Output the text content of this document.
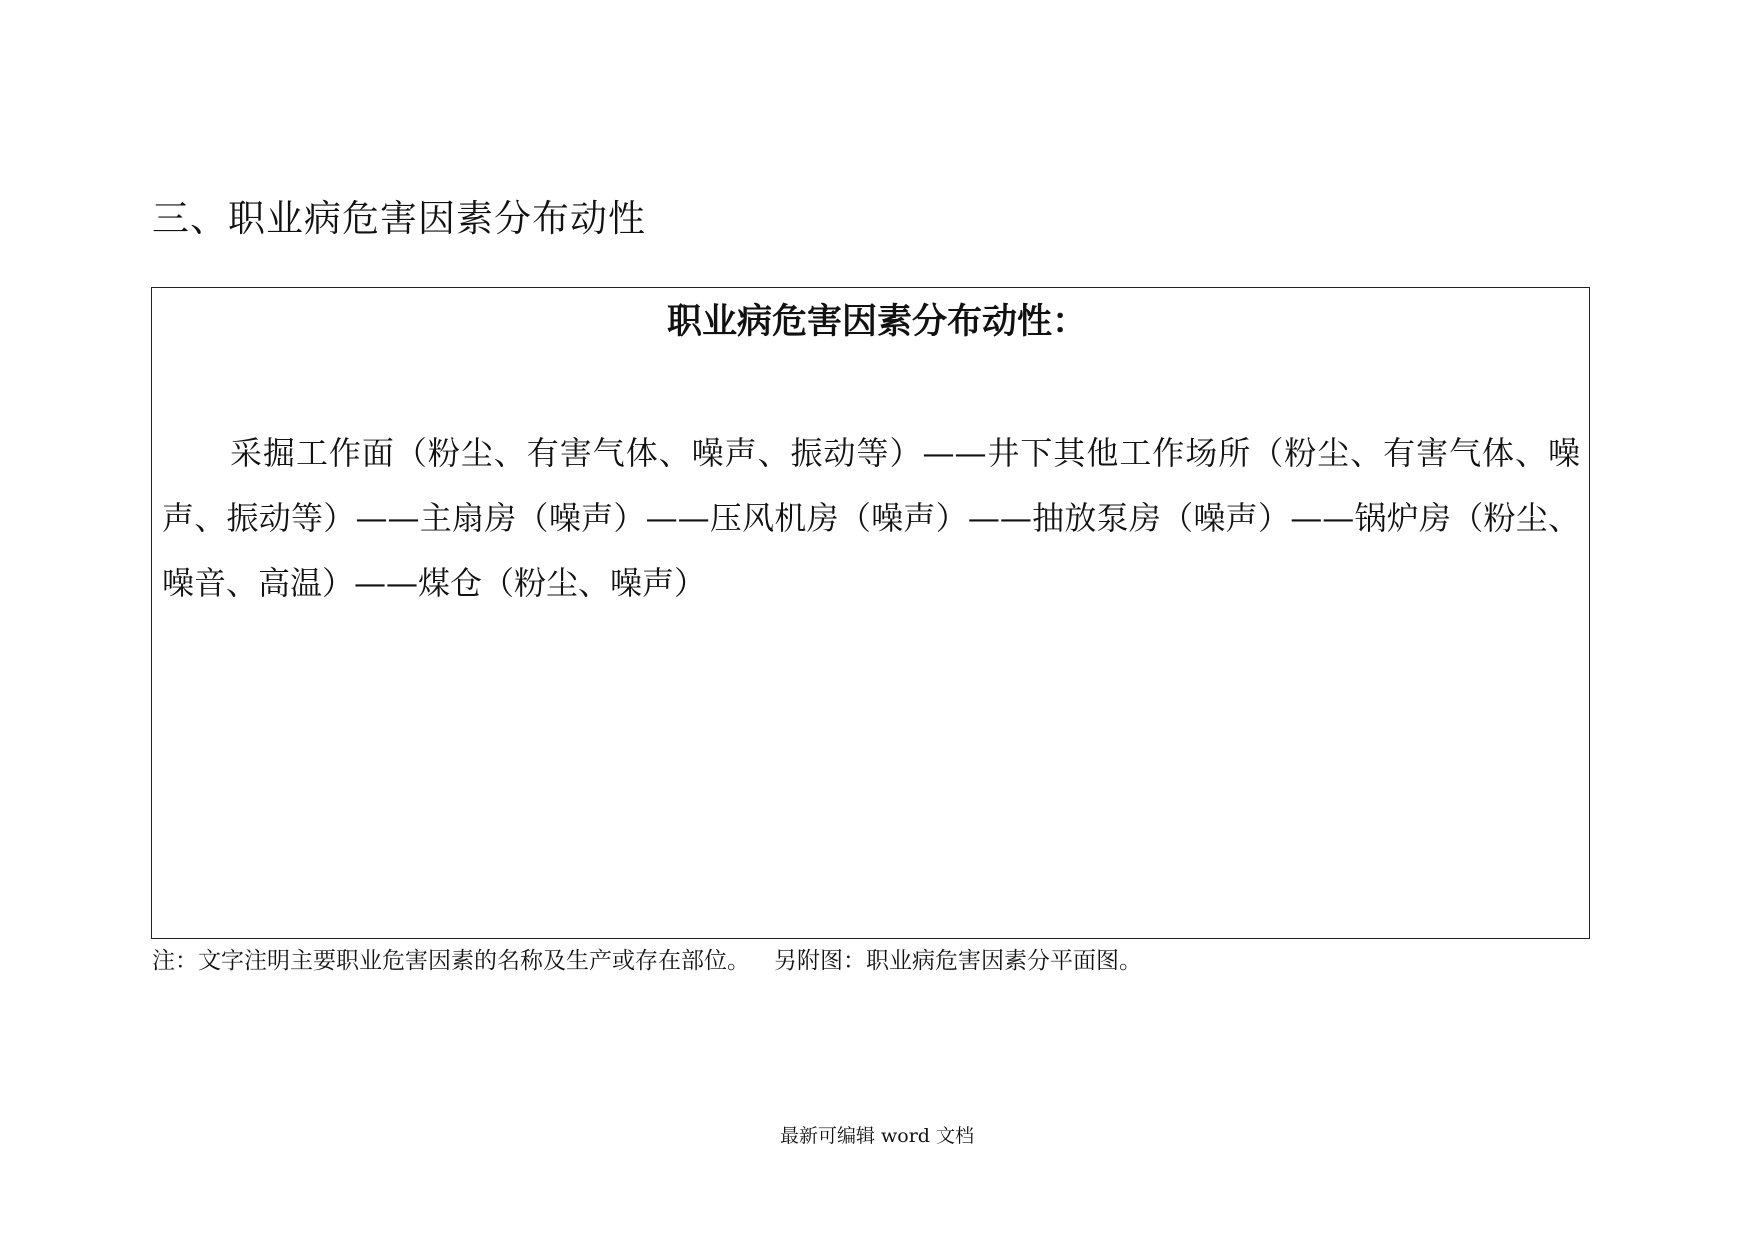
三、职业病危害因素分布动性
职业病危害因素分布动性：
采掘工作面（粉尘、有害气体、噪声、振动等）——井下其他工作场所（粉尘、有害气体、噪声、振动等）——主扇房（噪声）——压风机房（噪声）——抽放泵房（噪声）——锅炉房（粉尘、噪音、高温）——煤仓（粉尘、噪声）
注：文字注明主要职业危害因素的名称及生产或存在部位。 另附图：职业病危害因素分平面图。
最新可编辑 word 文档
